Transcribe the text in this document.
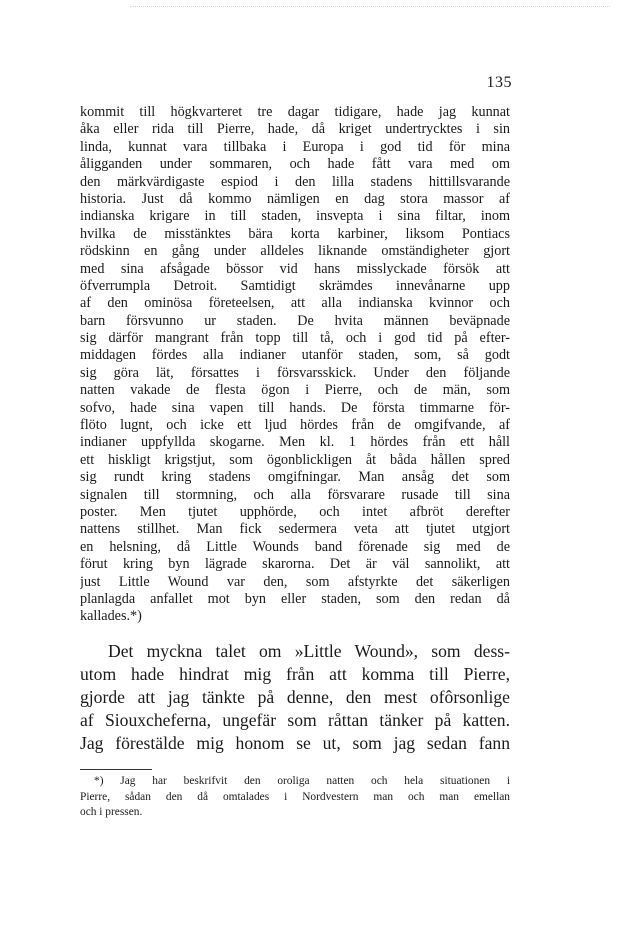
135
kommit till högkvarteret tre dagar tidigare, hade jag kunnat
åka eller rida till Pierre, hade, då kriget undertrycktes i sin
linda, kunnat vara tillbaka i Europa i god tid för mina
åligganden under sommaren, och hade fått vara med om
den märkvärdigaste espiod i den lilla stadens hittillsvarande
historia. Just då kommo nämligen en dag stora massor af
indianska krigare in till staden, insvepta i sina filtar, inom
hvilka de misstänktes bära korta karbiner, liksom Pontiacs
rödskinn en gång under alldeles liknande omständigheter gjort
med sina afsågade bössor vid hans misslyckade försök att
öfverrumpla Detroit. Samtidigt skrämdes innevånarne upp
af den ominösa företeelsen, att alla indianska kvinnor och
barn försvunno ur staden. De hvita männen beväpnade
sig därför mangrant från topp till tå, och i god tid på efter-
middagen fördes alla indianer utanför staden, som, så godt
sig göra lät, försattes i försvarsskick. Under den följande
natten vakade de flesta ögon i Pierre, och de män, som
sofvo, hade sina vapen till hands. De första timmarne för-
flöto lugnt, och icke ett ljud hördes från de omgifvande, af
indianer uppfyllda skogarne. Men kl. 1 hördes från ett håll
ett hiskligt krigstjut, som ögonblickligen åt båda hållen spred
sig rundt kring stadens omgifningar. Man ansåg det som
signalen till stormning, och alla försvarare rusade till sina
poster. Men tjutet upphörde, och intet afbröt derefter
nattens stillhet. Man fick sedermera veta att tjutet utgjort
en helsning, då Little Wounds band förenade sig med de
förut kring byn lägrade skarorna. Det är väl sannolikt, att
just Little Wound var den, som afstyrkte det säkerligen
planlagda anfallet mot byn eller staden, som den redan då
kallades.*)
Det myckna talet om »Little Wound», som dess-
utom hade hindrat mig från att komma till Pierre,
gjorde att jag tänkte på denne, den mest ofôrsonlige
af Siouxcheferna, ungefär som råttan tänker på katten.
Jag förestälde mig honom se ut, som jag sedan fann
*) Jag har beskrifvit den oroliga natten och hela situationen i
Pierre, sådan den då omtalades i Nordvestern man och man emellan
och i pressen.
